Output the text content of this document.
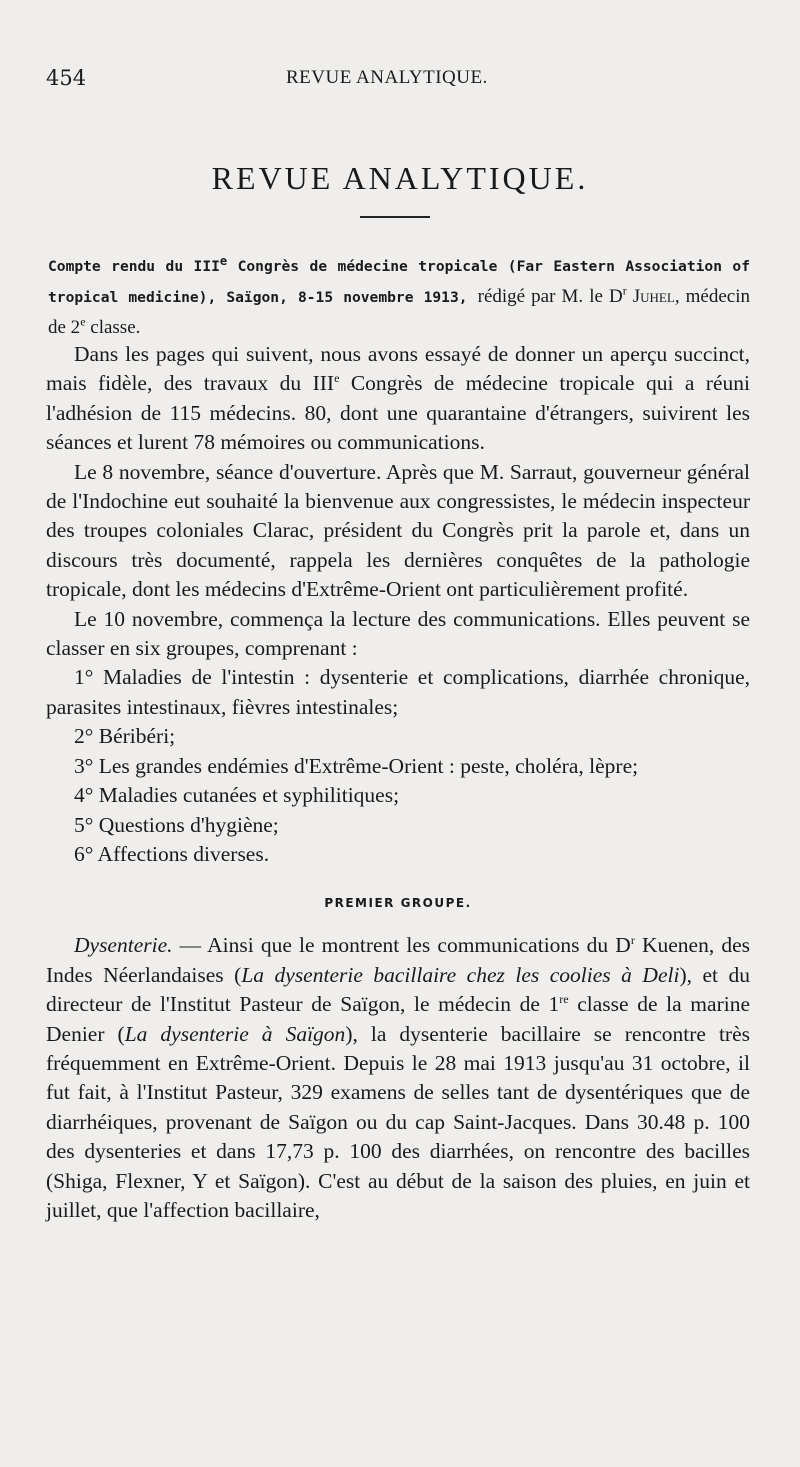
454	REVUE ANALYTIQUE.
REVUE ANALYTIQUE.
Compte rendu du IIIe Congrès de médecine tropicale (Far Eastern Association of tropical medicine), Saïgon, 8-15 novembre 1913, rédigé par M. le $D^r$ Juhel, médecin de 2e classe.

Dans les pages qui suivent, nous avons essayé de donner un aperçu succinct, mais fidèle, des travaux du IIIe Congrès de médecine tropicale qui a réuni l'adhésion de 115 médecins. 80, dont une quarantaine d'étrangers, suivirent les séances et lurent 78 mémoires ou communications.

Le 8 novembre, séance d'ouverture. Après que M. Sarraut, gouverneur général de l'Indochine eut souhaité la bienvenue aux congressistes, le médecin inspecteur des troupes coloniales Clarac, président du Congrès prit la parole et, dans un discours très documenté, rappela les dernières conquêtes de la pathologie tropicale, dont les médecins d'Extrême-Orient ont particulièrement profité.

Le 10 novembre, commença la lecture des communications. Elles peuvent se classer en six groupes, comprenant :

1° Maladies de l'intestin : dysenterie et complications, diarrhée chronique, parasites intestinaux, fièvres intestinales;
2° Béribéri;
3° Les grandes endémies d'Extrême-Orient : peste, choléra, lèpre;
4° Maladies cutanées et syphilitiques;
5° Questions d'hygiène;
6° Affections diverses.
PREMIER GROUPE.

Dysenterie. — Ainsi que le montrent les communications du $D^r$ Kuenen, des Indes Néerlandaises (La dysenterie bacillaire chez les coolies à Deli), et du directeur de l'Institut Pasteur de Saïgon, le médecin de 1re classe de la marine Denier (La dysenterie à Saïgon), la dysenterie bacillaire se rencontre très fréquemment en Extrême-Orient. Depuis le 28 mai 1913 jusqu'au 31 octobre, il fut fait, à l'Institut Pasteur, 329 examens de selles tant de dysentériques que de diarrhéiques, provenant de Saïgon ou du cap Saint-Jacques. Dans 30.48 p. 100 des dysenteries et dans 17,73 p. 100 des diarrhées, on rencontre des bacilles (Shiga, Flexner, Y et Saïgon). C'est au début de la saison des pluies, en juin et juillet, que l'affection bacillaire,
